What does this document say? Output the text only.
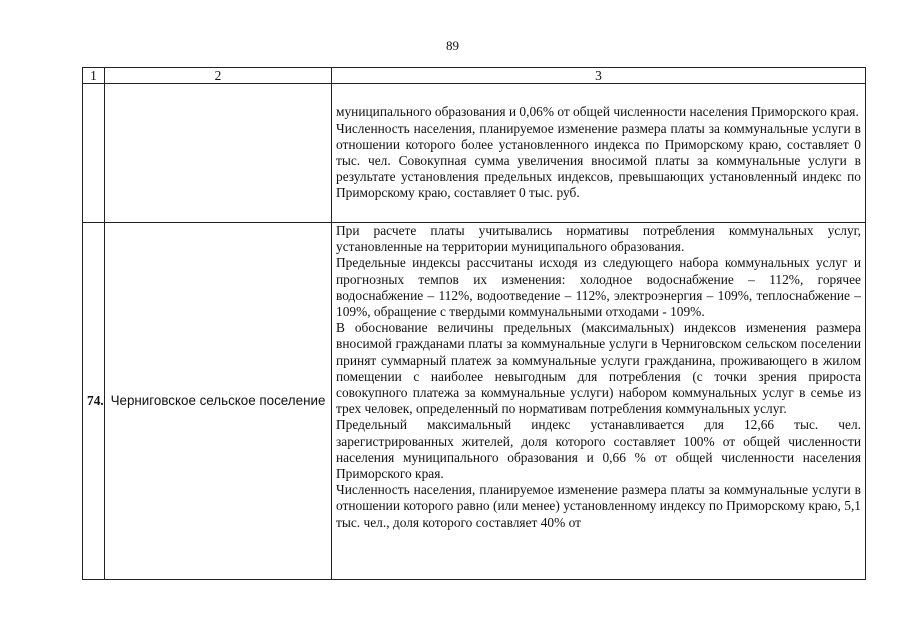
89
1	2	3

		муниципального образования и 0,06% от общей численности населения Приморского края.

Численность населения, планируемое изменение размера платы за коммунальные услуги в отношении которого более установленного индекса по Приморскому краю, составляет 0 тыс. чел. Совокупная сумма увеличения вносимой платы за коммунальные услуги в результате установления предельных индексов, превышающих установленный индекс по Приморскому краю, составляет 0 тыс. руб.

74.	Черниговское сельское поселение	При расчете платы учитывались нормативы потребления коммунальных услуг, установленные на территории муниципального образования.

Предельные индексы рассчитаны исходя из следующего набора коммунальных услуг и прогнозных темпов их изменения: холодное водоснабжение – 112%, горячее водоснабжение – 112%, водоотведение – 112%, электроэнергия – 109%, теплоснабжение – 109%, обращение с твердыми коммунальными отходами - 109%.

В обоснование величины предельных (максимальных) индексов изменения размера вносимой гражданами платы за коммунальные услуги в Черниговском сельском поселении принят суммарный платеж за коммунальные услуги гражданина, проживающего в жилом помещении с наиболее невыгодным для потребления (с точки зрения прироста совокупного платежа за коммунальные услуги) набором коммунальных услуг в семье из трех человек, определенный по нормативам потребления коммунальных услуг.

Предельный максимальный индекс устанавливается для 12,66 тыс. чел. зарегистрированных жителей, доля которого составляет 100% от общей численности населения муниципального образования и 0,66 % от общей численности населения Приморского края.

Численность населения, планируемое изменение размера платы за коммунальные услуги в отношении которого равно (или менее) установленному индексу по Приморскому краю, 5,1 тыс. чел., доля которого составляет 40% от
